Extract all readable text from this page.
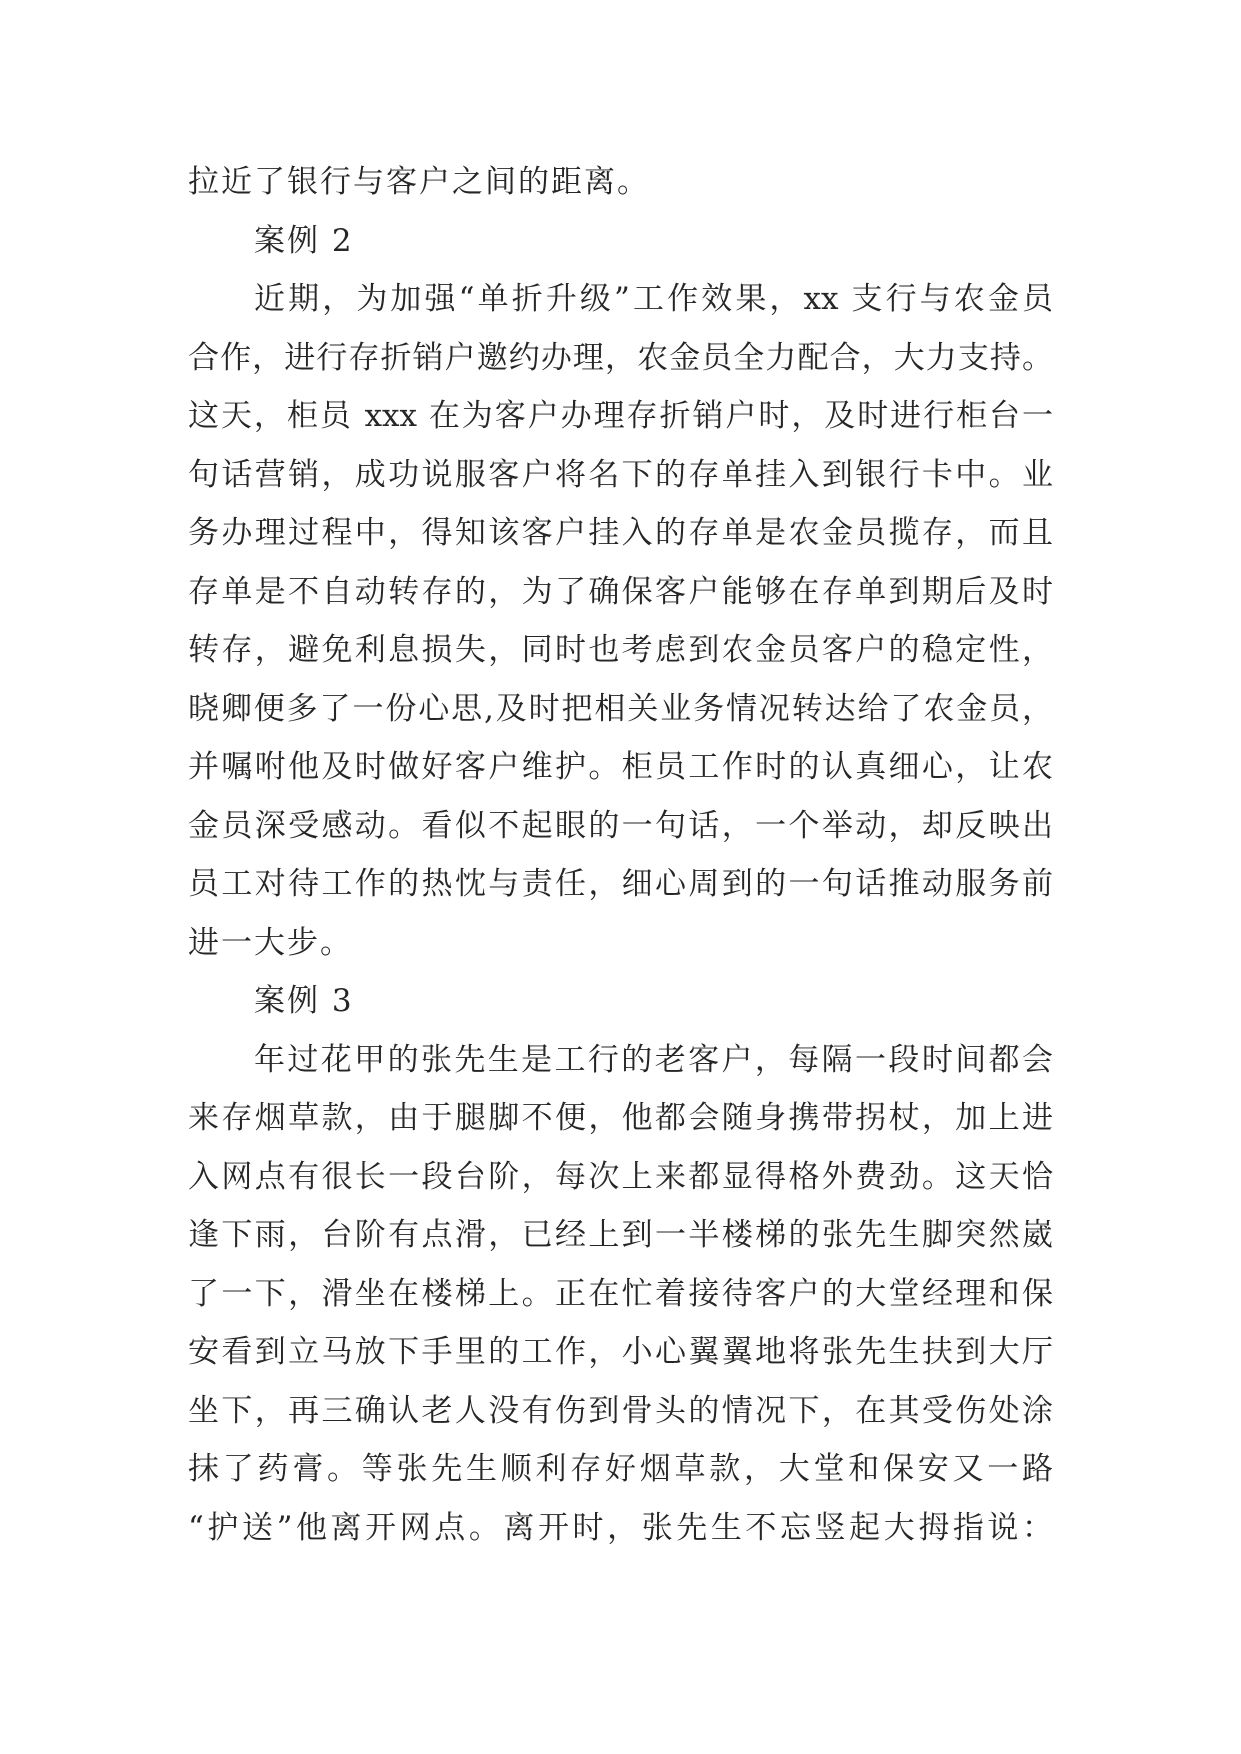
拉近了银行与客户之间的距离。
案例 2
近期，为加强“单折升级”工作效果，xx 支行与农金员
合作，进行存折销户邀约办理，农金员全力配合，大力支持。
这天，柜员 xxx 在为客户办理存折销户时，及时进行柜台一
句话营销，成功说服客户将名下的存单挂入到银行卡中。业
务办理过程中，得知该客户挂入的存单是农金员揽存，而且
存单是不自动转存的，为了确保客户能够在存单到期后及时
转存，避免利息损失，同时也考虑到农金员客户的稳定性，
晓卿便多了一份心思,及时把相关业务情况转达给了农金员，
并嘱咐他及时做好客户维护。柜员工作时的认真细心，让农
金员深受感动。看似不起眼的一句话，一个举动，却反映出
员工对待工作的热忱与责任，细心周到的一句话推动服务前
进一大步。
案例 3
年过花甲的张先生是工行的老客户，每隔一段时间都会
来存烟草款，由于腿脚不便，他都会随身携带拐杖，加上进
入网点有很长一段台阶，每次上来都显得格外费劲。这天恰
逢下雨，台阶有点滑，已经上到一半楼梯的张先生脚突然崴
了一下，滑坐在楼梯上。正在忙着接待客户的大堂经理和保
安看到立马放下手里的工作，小心翼翼地将张先生扶到大厅
坐下，再三确认老人没有伤到骨头的情况下，在其受伤处涂
抹了药膏。等张先生顺利存好烟草款，大堂和保安又一路
“护送”他离开网点。离开时，张先生不忘竖起大拇指说：
